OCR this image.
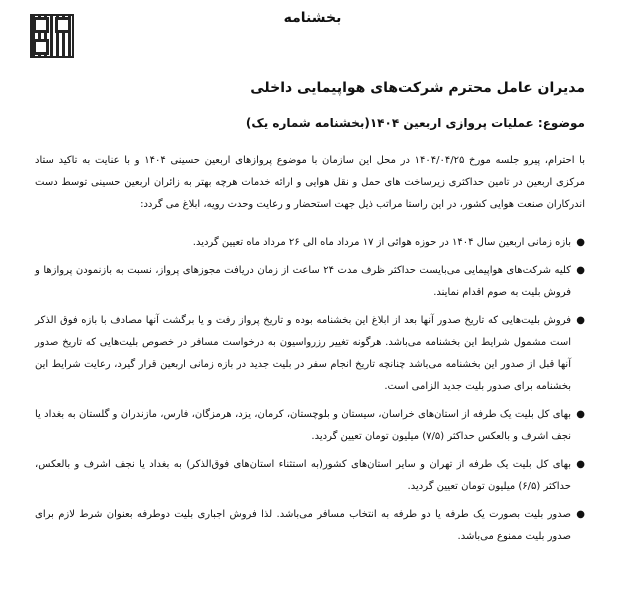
بخشنامه
مدیران عامل محترم شرکت‌های هواپیمایی داخلی
موضوع: عملیات پروازی اربعین ۱۴۰۴(بخشنامه شماره یک)
با احترام، پیرو جلسه مورخ ۱۴۰۴/۰۴/۲۵ در محل این سازمان با موضوع پروازهای اربعین حسینی ۱۴۰۴ و با عنایت به تاکید ستاد مرکزی اربعین در تامین حداکثری زیرساخت های حمل و نقل هوایی و ارائه خدمات هرچه بهتر به زائران اربعین حسینی توسط دست اندرکاران صنعت هوایی کشور، در این راستا مراتب ذیل جهت استحضار و رعایت وحدت رویه، ابلاغ می گردد:
●
بازه زمانی اربعین سال ۱۴۰۴ در حوزه هوائی از ۱۷ مرداد ماه الی ۲۶ مرداد ماه تعیین گردید.
●
کلیه شرکت‌های هواپیمایی می‌بایست حداکثر ظرف مدت ۲۴ ساعت از زمان دریافت مجوزهای پرواز، نسبت به بازنمودن پروازها و فروش بلیت به صوم اقدام نمایند.
●
فروش بلیت‌هایی که تاریخ صدور آنها بعد از ابلاغ این بخشنامه بوده و تاریخ پرواز رفت و یا برگشت آنها مصادف با بازه فوق الذکر است مشمول شرایط این بخشنامه می‌باشد. هرگونه تغییر رزرواسیون به درخواست مسافر در خصوص بلیت‌هایی که تاریخ صدور آنها قبل از صدور این بخشنامه می‌باشد چنانچه تاریخ انجام سفر در بلیت جدید در بازه زمانی اربعین قرار گیرد، رعایت شرایط این بخشنامه برای صدور بلیت جدید الزامی است.
●
بهای کل بلیت یک طرفه از استان‌های خراسان، سیستان و بلوچستان، کرمان، یزد، هرمزگان، فارس، مازندران و گلستان به بغداد یا نجف اشرف و بالعکس حداکثر (۷/۵) میلیون تومان تعیین گردید.
●
بهای کل بلیت یک طرفه از تهران و سایر استان‌های کشور(به استثناء استان‌های فوق‌الذکر) به بغداد یا نجف اشرف و بالعکس، حداکثر (۶/۵) میلیون تومان تعیین گردید.
●
صدور بلیت بصورت یک طرفه یا دو طرفه به انتخاب مسافر می‌باشد. لذا فروش اجباری بلیت دوطرفه بعنوان شرط لازم برای صدور بلیت ممنوع می‌باشد.
